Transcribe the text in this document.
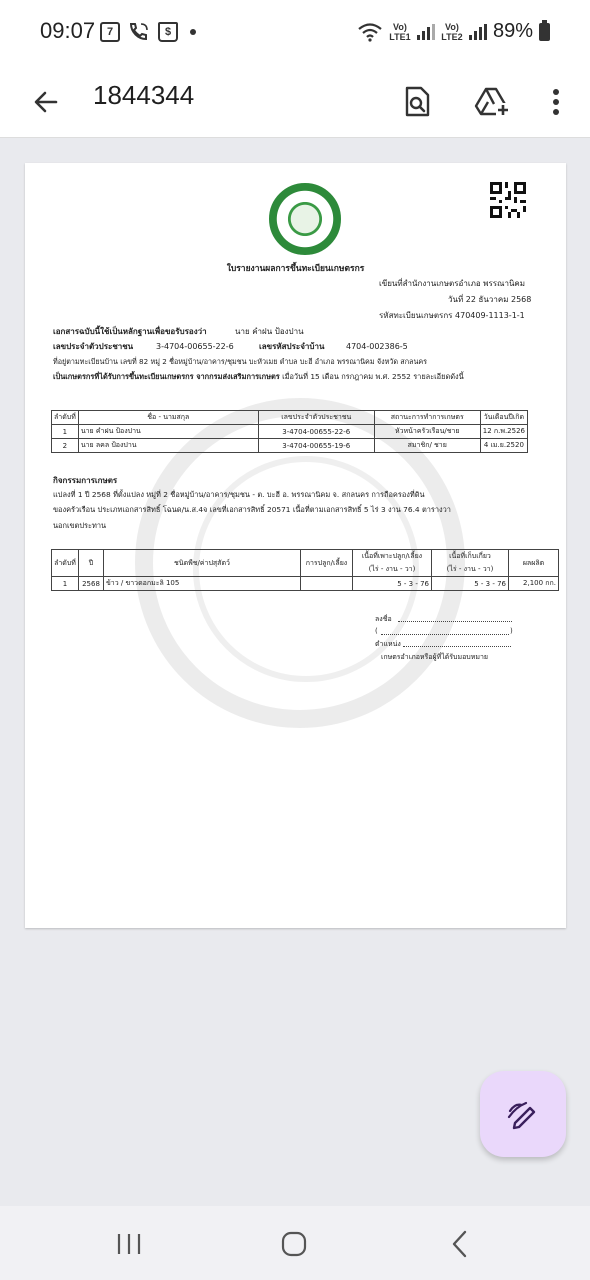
09:07	7	$	Vo) LTE1
Vo) LTE2 89%
1844344
ใบรายงานผลการขึ้นทะเบียนเกษตรกร
เขียนที่สำนักงานเกษตรอำเภอ พรรณานิคม
วันที่ 22 ธันวาคม 2568
รหัสทะเบียนเกษตรกร 470409-1113-1-1
เอกสารฉบับนี้ใช้เป็นหลักฐานเพื่อขอรับรองว่า	นาย คำฝน ป้องปาน
เลขประจำตัวประชาชน	3-4704-00655-22-6	เลขรหัสประจำบ้าน	4704-002386-5
ที่อยู่ตามทะเบียนบ้าน เลขที่ 82 หมู่ 2 ชื่อหมู่บ้าน/อาคาร/ชุมชน บะหัวเมย ตำบล บะฮี อำเภอ พรรณานิคม จังหวัด สกลนคร
เป็นเกษตรกรที่ได้รับการขึ้นทะเบียนเกษตรกร จากกรมส่งเสริมการเกษตร เมื่อวันที่ 15 เดือน กรกฎาคม พ.ศ. 2552 รายละเอียดดังนี้
ลำดับที่	ชื่อ - นามสกุล	เลขประจำตัวประชาชน	สถานะการทำการเกษตร	วันเดือนปีเกิด
1	นาย คำฝน ป้องปาน	3-4704-00655-22-6	หัวหน้าครัวเรือน/ชาย	12 ก.พ.2526
2	นาย ลคล ป้องปาน	3-4704-00655-19-6	สมาชิก/ ชาย	4 เม.ย.2520
กิจกรรมการเกษตร
แปลงที่ 1 ปี 2568 ที่ตั้งแปลง หมู่ที่ 2 ชื่อหมู่บ้าน/อาคาร/ชุมชน - ต. บะฮี อ. พรรณานิคม จ. สกลนคร การถือครองที่ดิน
ของครัวเรือน ประเภทเอกสารสิทธิ์ โฉนด/น.ส.4จ เลขที่เอกสารสิทธิ์ 20571 เนื้อที่ตามเอกสารสิทธิ์ 5 ไร่ 3 งาน 76.4 ตารางวา
นอกเขตประทาน
ลำดับที่	ปี	ชนิดพืช/ค่าปสุสัตว์	การปลูก/เลี้ยง	เนื้อที่เพาะปลูก/เลี้ยง	เนื้อที่เก็บเกี่ยว	ผลผลิต
				(ไร่ - งาน - วา)	(ไร่ - งาน - วา)	
1	2568	ข้าว / ขาวดอกมะลิ 105		5 - 3 - 76	5 - 3 - 76	2,100 กก.
ลงชื่อ
(	)
ตำแหน่ง
เกษตรอำเภอหรือผู้ที่ได้รับมอบหมาย
